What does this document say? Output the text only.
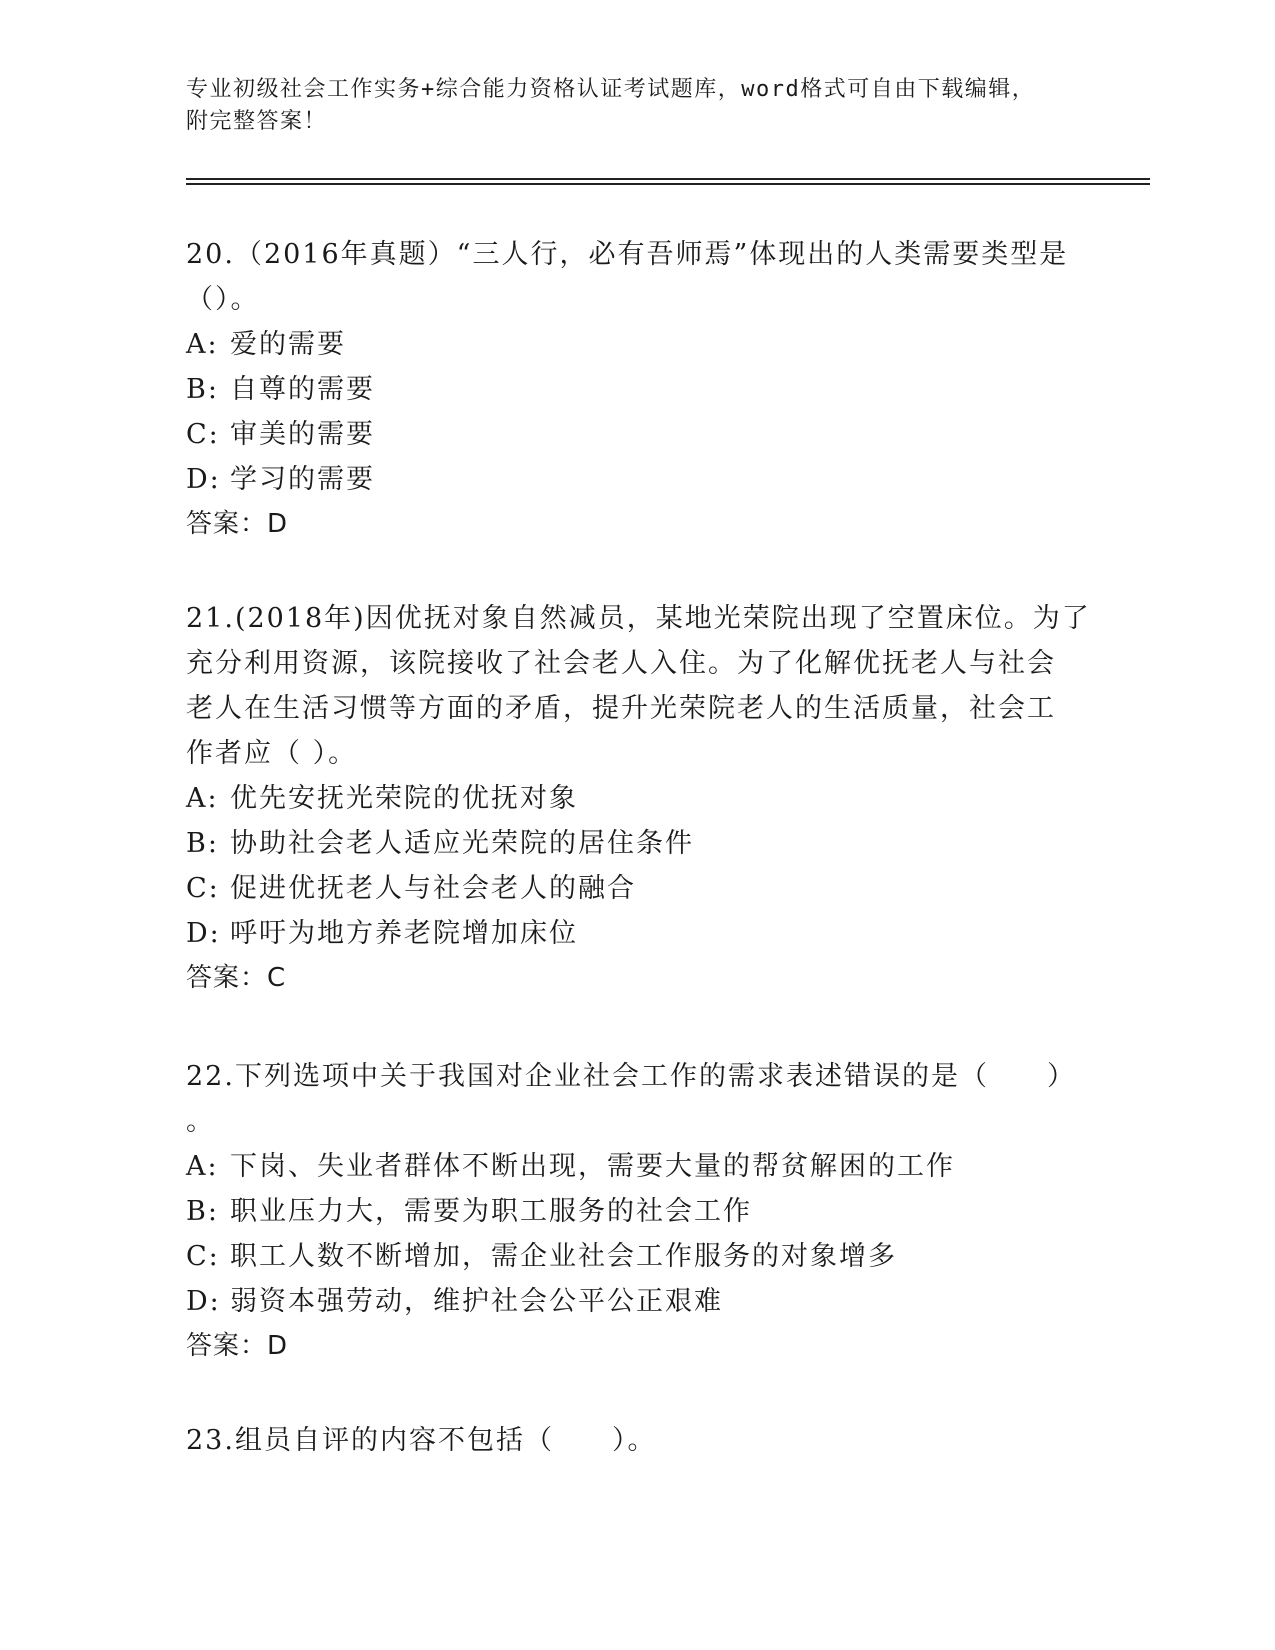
专业初级社会工作实务+综合能力资格认证考试题库，word格式可自由下载编辑，
附完整答案！
20.（2016年真题）“三人行，必有吾师焉”体现出的人类需要类型是
（）。
A: 爱的需要
B: 自尊的需要
C: 审美的需要
D: 学习的需要
答案：D
21.(2018年)因优抚对象自然减员，某地光荣院出现了空置床位。为了
充分利用资源，该院接收了社会老人入住。为了化解优抚老人与社会
老人在生活习惯等方面的矛盾，提升光荣院老人的生活质量，社会工
作者应（ ）。
A: 优先安抚光荣院的优抚对象
B: 协助社会老人适应光荣院的居住条件
C: 促进优抚老人与社会老人的融合
D: 呼吁为地方养老院增加床位
答案：C
22.下列选项中关于我国对企业社会工作的需求表述错误的是（　　）
。
A: 下岗、失业者群体不断出现，需要大量的帮贫解困的工作
B: 职业压力大，需要为职工服务的社会工作
C: 职工人数不断增加，需企业社会工作服务的对象增多
D: 弱资本强劳动，维护社会公平公正艰难
答案：D
23.组员自评的内容不包括（　　）。
